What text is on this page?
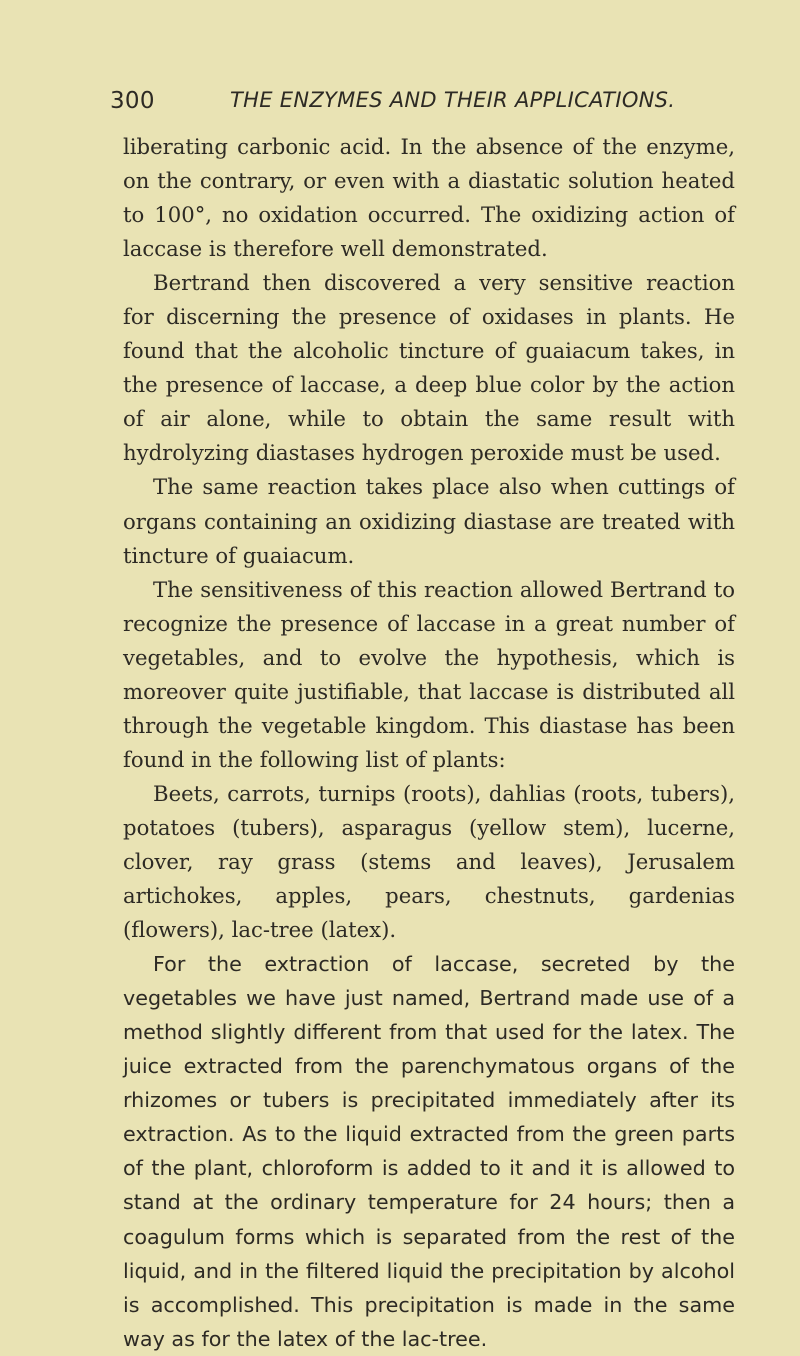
300	THE ENZYMES AND THEIR APPLICATIONS.

liberating carbonic acid. In the absence of the enzyme, on the contrary, or even with a diastatic solution heated to 100°, no oxidation occurred. The oxidizing action of laccase is therefore well demonstrated.

Bertrand then discovered a very sensitive reaction for discerning the presence of oxidases in plants. He found that the alcoholic tincture of guaiacum takes, in the presence of laccase, a deep blue color by the action of air alone, while to obtain the same result with hydrolyzing diastases hydrogen peroxide must be used.

The same reaction takes place also when cuttings of organs containing an oxidizing diastase are treated with tincture of guaiacum.

The sensitiveness of this reaction allowed Bertrand to recognize the presence of laccase in a great number of vegetables, and to evolve the hypothesis, which is moreover quite justifiable, that laccase is distributed all through the vegetable kingdom. This diastase has been found in the following list of plants:

Beets, carrots, turnips (roots), dahlias (roots, tubers), potatoes (tubers), asparagus (yellow stem), lucerne, clover, ray grass (stems and leaves), Jerusalem artichokes, apples, pears, chestnuts, gardenias (flowers), lac-tree (latex).

For the extraction of laccase, secreted by the vegetables we have just named, Bertrand made use of a method slightly different from that used for the latex. The juice extracted from the parenchymatous organs of the rhizomes or tubers is precipitated immediately after its extraction. As to the liquid extracted from the green parts of the plant, chloroform is added to it and it is allowed to stand at the ordinary temperature for 24 hours; then a coagulum forms which is separated from the rest of the liquid, and in the filtered liquid the precipitation by alcohol is accomplished. This precipitation is made in the same way as for the latex of the lac-tree.
